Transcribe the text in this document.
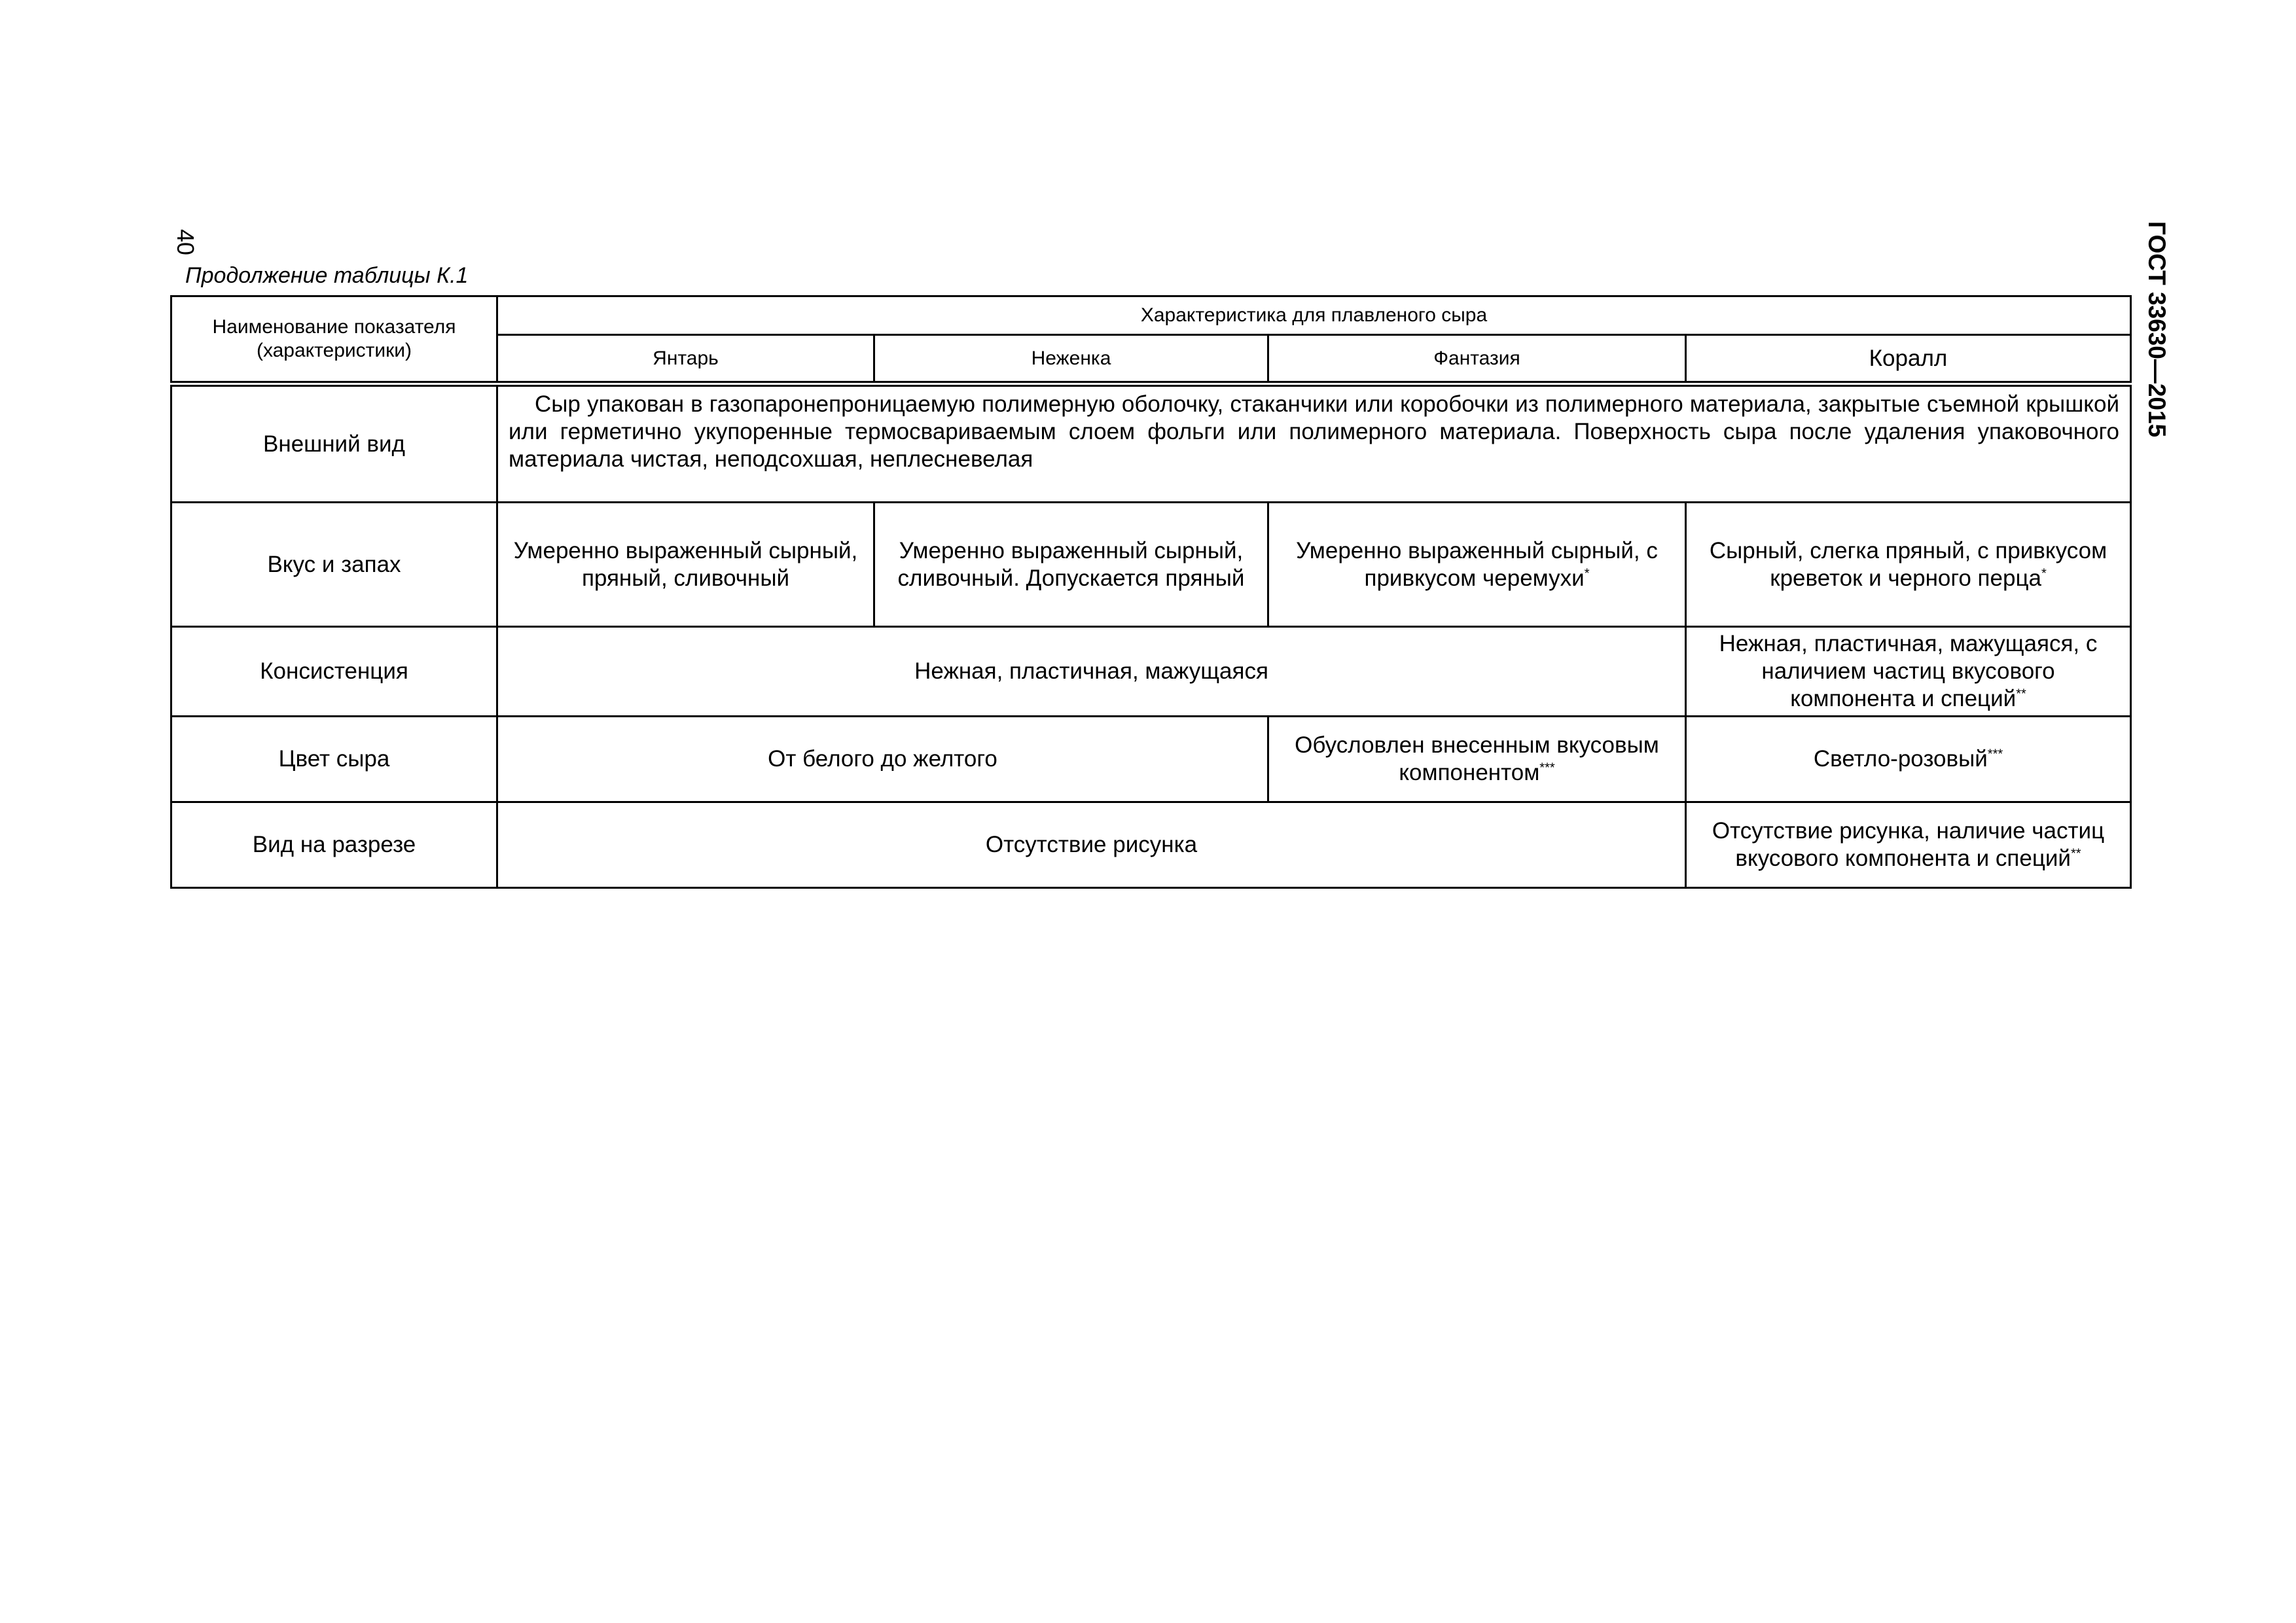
40	ГОСТ 33630—2015
Продолжение таблицы К.1
Наименование показателя (характеристики)	Характеристика для плавленого сыра			
	Янтарь	Неженка	Фантазия	Коралл
Внешний вид	Сыр упакован в газопаронепроницаемую полимерную оболочку, стаканчики или коробочки из полимерного материала, закрытые съемной крышкой или герметично укупоренные термосвариваемым слоем фольги или полимерного материала. Поверхность сыра после удаления упаковочного материала чистая, неподсохшая, неплесневелая			
Вкус и запах	Умеренно выраженный сырный, пряный, сливочный	Умеренно выраженный сырный, сливочный. Допускается пряный	Умеренно выраженный сырный, с привкусом черемухи*	Сырный, слегка пряный, с привкусом креветок и черного перца*
Консистенция	Нежная, пластичная, мажущаяся			Нежная, пластичная, мажущаяся, с наличием частиц вкусового компонента и специй**
Цвет сыра	От белого до желтого		Обусловлен внесенным вкусовым компонентом***	Светло-розовый***
Вид на разрезе	Отсутствие рисунка			Отсутствие рисунка, наличие частиц вкусового компонента и специй**
